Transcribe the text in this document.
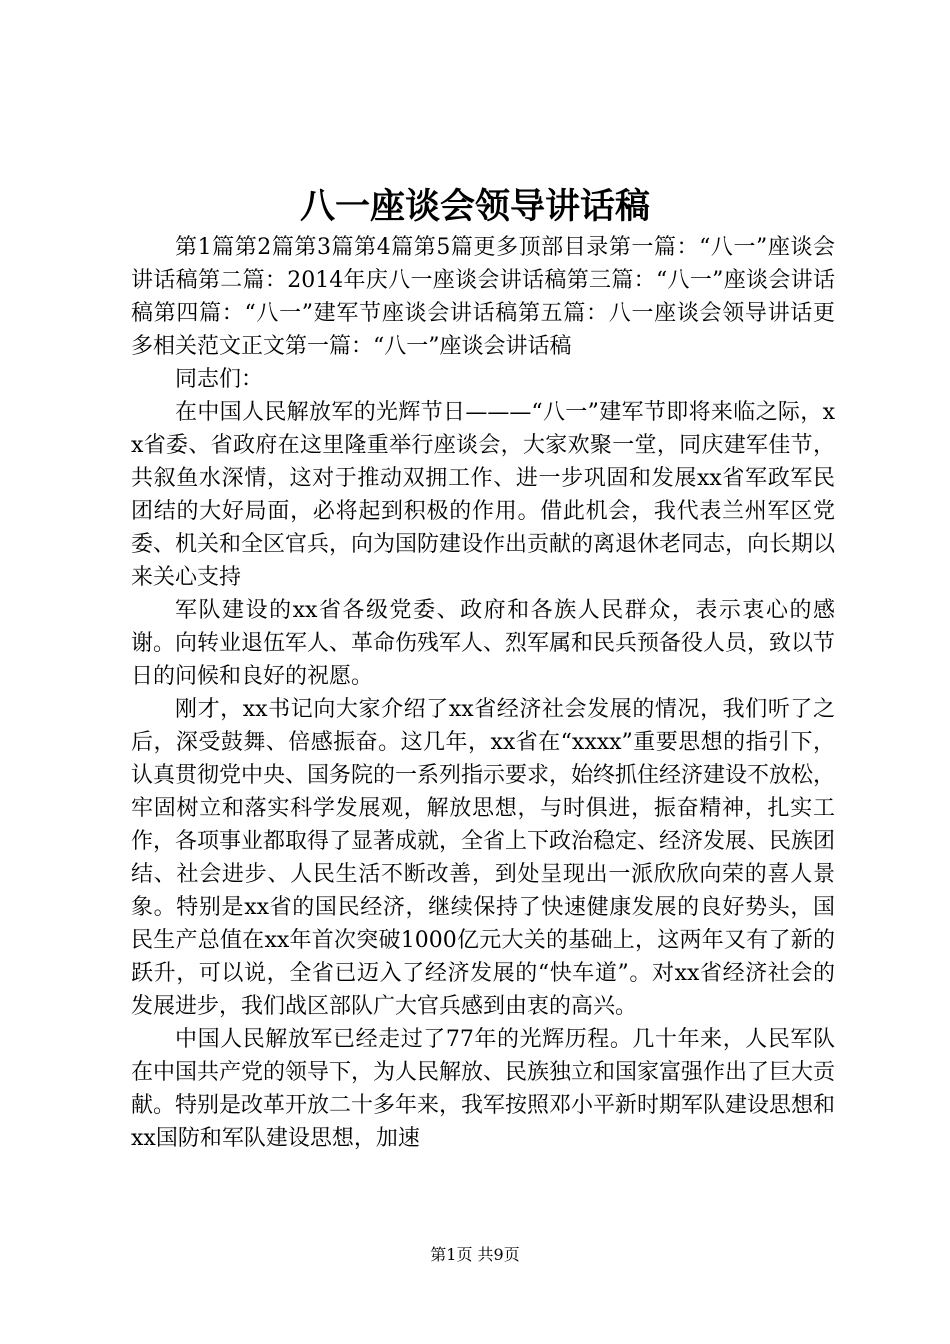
八一座谈会领导讲话稿

第1篇第2篇第3篇第4篇第5篇更多顶部目录第一篇：“八一”座谈会讲话稿第二篇：2014年庆八一座谈会讲话稿第三篇：“八一”座谈会讲话稿第四篇：“八一”建军节座谈会讲话稿第五篇：八一座谈会领导讲话更多相关范文正文第一篇：“八一”座谈会讲话稿

同志们：

在中国人民解放军的光辉节日———“八一”建军节即将来临之际，xx省委、省政府在这里隆重举行座谈会，大家欢聚一堂，同庆建军佳节，共叙鱼水深情，这对于推动双拥工作、进一步巩固和发展xx省军政军民团结的大好局面，必将起到积极的作用。借此机会，我代表兰州军区党委、机关和全区官兵，向为国防建设作出贡献的离退休老同志，向长期以来关心支持

军队建设的xx省各级党委、政府和各族人民群众，表示衷心的感谢。向转业退伍军人、革命伤残军人、烈军属和民兵预备役人员，致以节日的问候和良好的祝愿。

刚才，xx书记向大家介绍了xx省经济社会发展的情况，我们听了之后，深受鼓舞、倍感振奋。这几年，xx省在“xxxx”重要思想的指引下，认真贯彻党中央、国务院的一系列指示要求，始终抓住经济建设不放松，牢固树立和落实科学发展观，解放思想，与时俱进，振奋精神，扎实工作，各项事业都取得了显著成就，全省上下政治稳定、经济发展、民族团结、社会进步、人民生活不断改善，到处呈现出一派欣欣向荣的喜人景象。特别是xx省的国民经济，继续保持了快速健康发展的良好势头，国民生产总值在xx年首次突破1000亿元大关的基础上，这两年又有了新的跃升，可以说，全省已迈入了经济发展的“快车道”。对xx省经济社会的发展进步，我们战区部队广大官兵感到由衷的高兴。

中国人民解放军已经走过了77年的光辉历程。几十年来，人民军队在中国共产党的领导下，为人民解放、民族独立和国家富强作出了巨大贡献。特别是改革开放二十多年来，我军按照邓小平新时期军队建设思想和xx国防和军队建设思想，加速

第1页 共9页
